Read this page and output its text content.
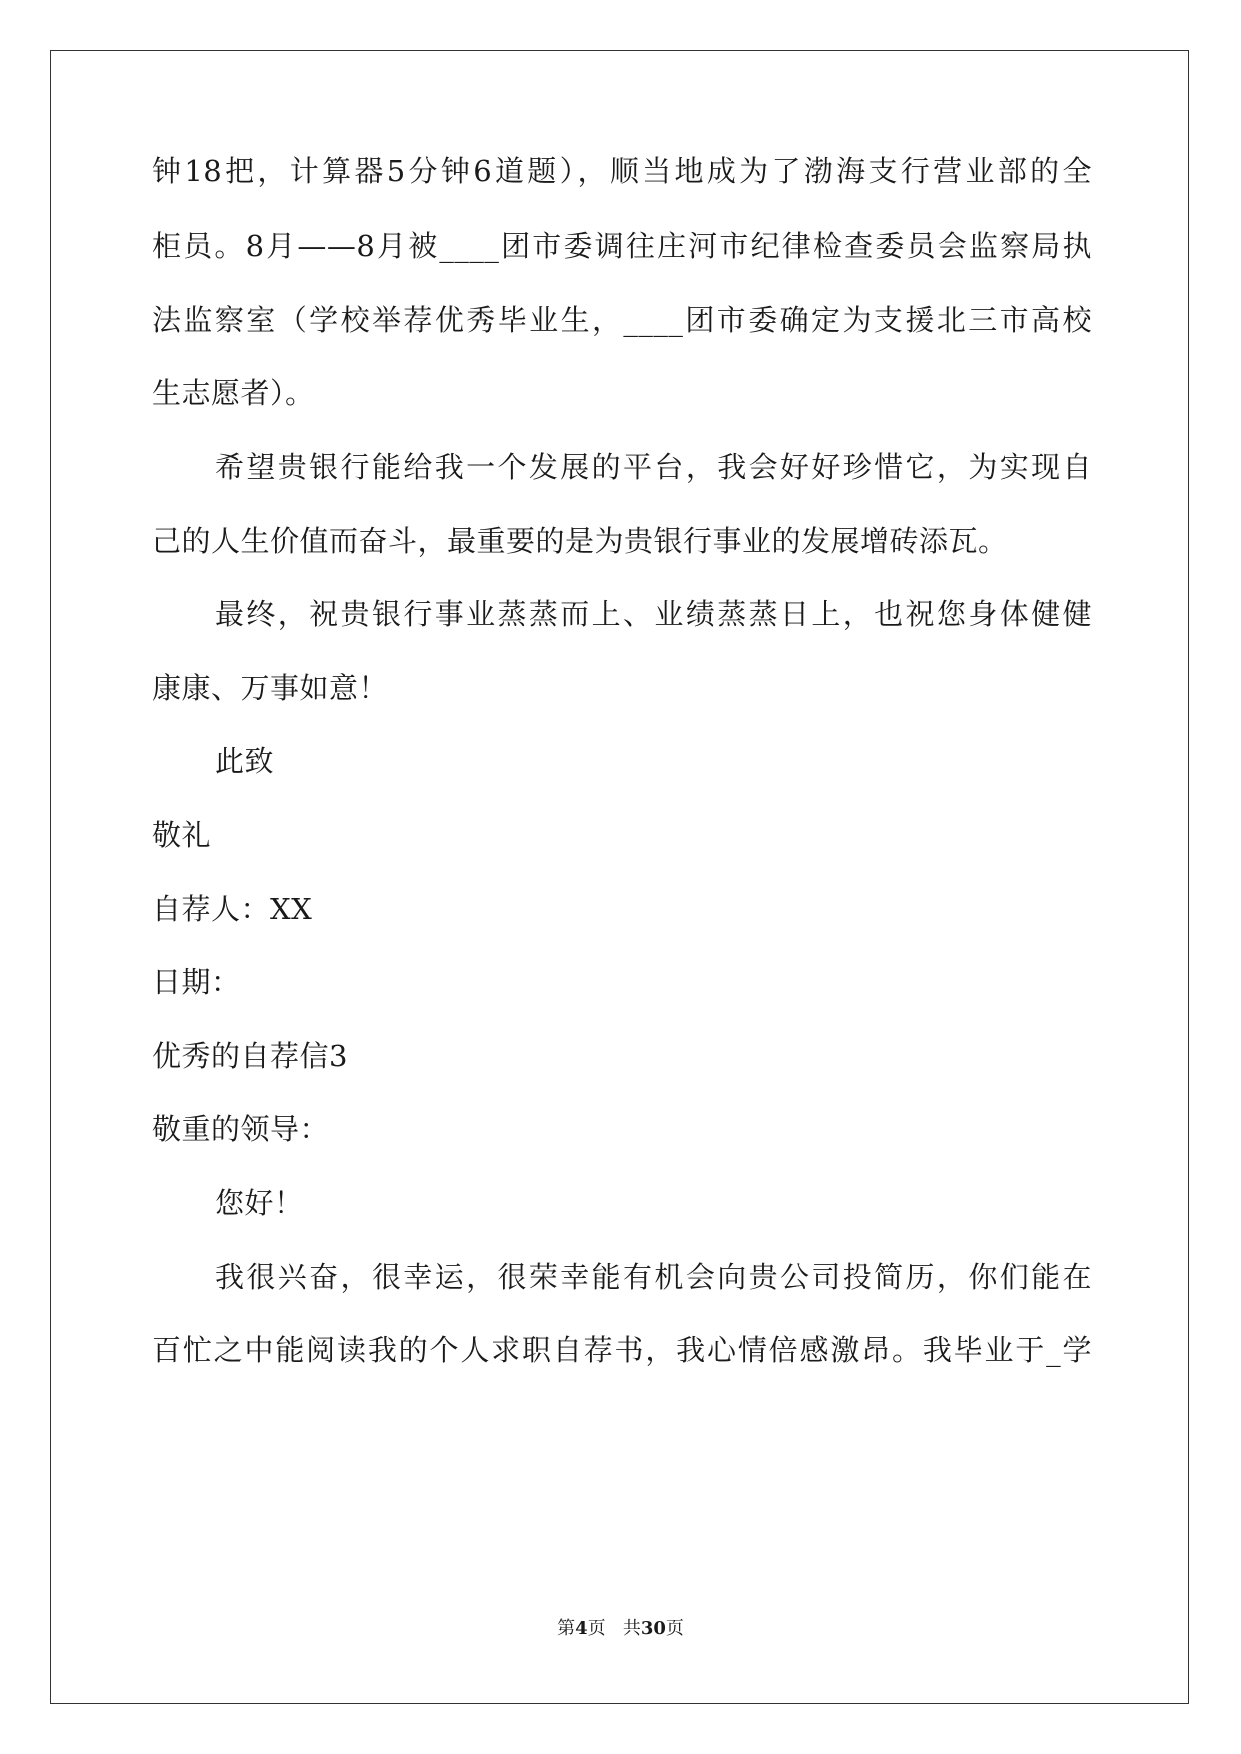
钟18把，计算器5分钟6道题），顺当地成为了渤海支行营业部的全
柜员。8月——8月被____团市委调往庄河市纪律检查委员会监察局执
法监察室（学校举荐优秀毕业生，____团市委确定为支援北三市高校
生志愿者）。
希望贵银行能给我一个发展的平台，我会好好珍惜它，为实现自
己的人生价值而奋斗，最重要的是为贵银行事业的发展增砖添瓦。
最终，祝贵银行事业蒸蒸而上、业绩蒸蒸日上，也祝您身体健健
康康、万事如意！
此致
敬礼
自荐人：XX
日期：
优秀的自荐信3
敬重的领导：
您好！
我很兴奋，很幸运，很荣幸能有机会向贵公司投简历，你们能在
百忙之中能阅读我的个人求职自荐书，我心情倍感激昂。我毕业于_学
第4页 共30页
